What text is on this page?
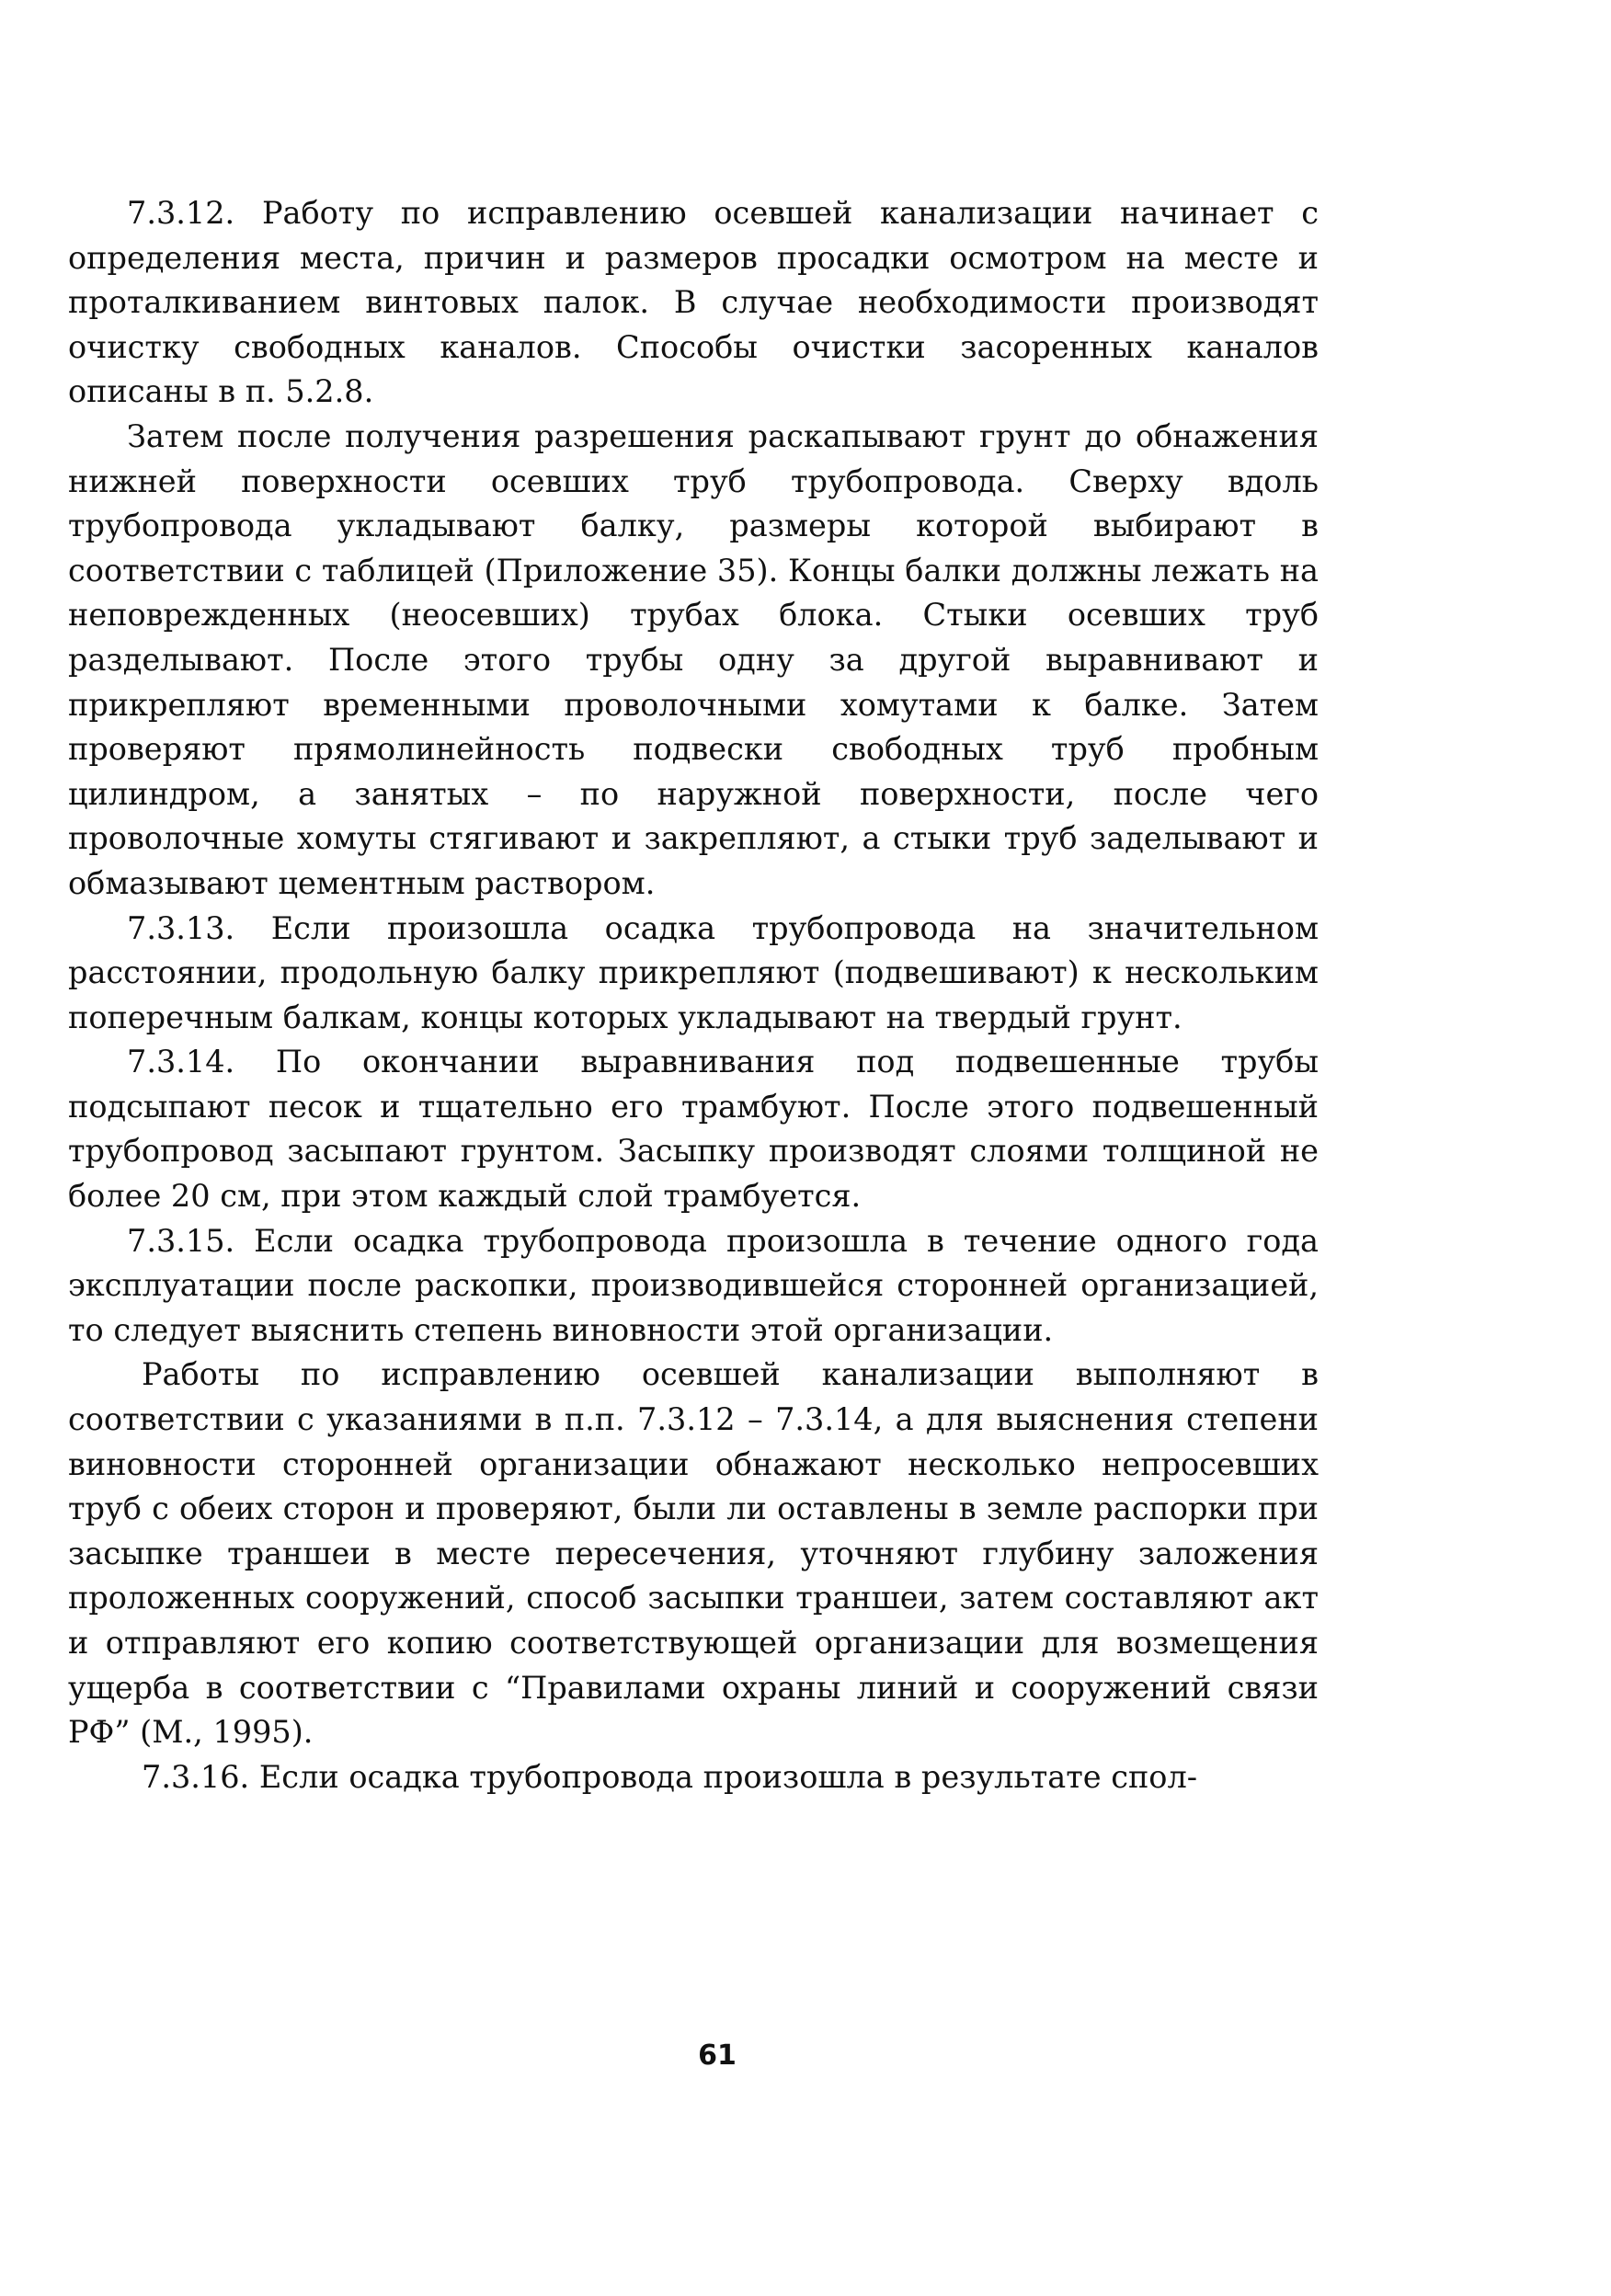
7.3.12. Работу по исправлению осевшей канализации начинает с определения места, причин и размеров просадки осмотром на месте и проталкиванием винтовых палок. В случае необходимости производят очистку свободных каналов. Способы очистки засоренных каналов описаны в п. 5.2.8.

Затем после получения разрешения раскапывают грунт до обнажения нижней поверхности осевших труб трубопровода. Сверху вдоль трубопровода укладывают балку, размеры которой выбирают в соответствии с таблицей (Приложение 35). Концы балки должны лежать на неповрежденных (неосевших) трубах блока. Стыки осевших труб разделывают. После этого трубы одну за другой выравнивают и прикрепляют временными проволочными хомутами к балке. Затем проверяют прямолинейность подвески свободных труб пробным цилиндром, а занятых – по наружной поверхности, после чего проволочные хомуты стягивают и закрепляют, а стыки труб заделывают и обмазывают цементным раствором.

7.3.13. Если произошла осадка трубопровода на значительном расстоянии, продольную балку прикрепляют (подвешивают) к нескольким поперечным балкам, концы которых укладывают на твердый грунт.

7.3.14. По окончании выравнивания под подвешенные трубы подсыпают песок и тщательно его трамбуют. После этого подвешенный трубопровод засыпают грунтом. Засыпку производят слоями толщиной не более 20 см, при этом каждый слой трамбуется.

7.3.15. Если осадка трубопровода произошла в течение одного года эксплуатации после раскопки, производившейся сторонней организацией, то следует выяснить степень виновности этой организации.

Работы по исправлению осевшей канализации выполняют в соответствии с указаниями в п.п. 7.3.12 – 7.3.14, а для выяснения степени виновности сторонней организации обнажают несколько непросевших труб с обеих сторон и проверяют, были ли оставлены в земле распорки при засыпке траншеи в месте пересечения, уточняют глубину заложения проложенных сооружений, способ засыпки траншеи, затем составляют акт и отправляют его копию соответствующей организации для возмещения ущерба в соответствии с “Правилами охраны линий и сооружений связи РФ” (М., 1995).

7.3.16. Если осадка трубопровода произошла в результате спол-

61
